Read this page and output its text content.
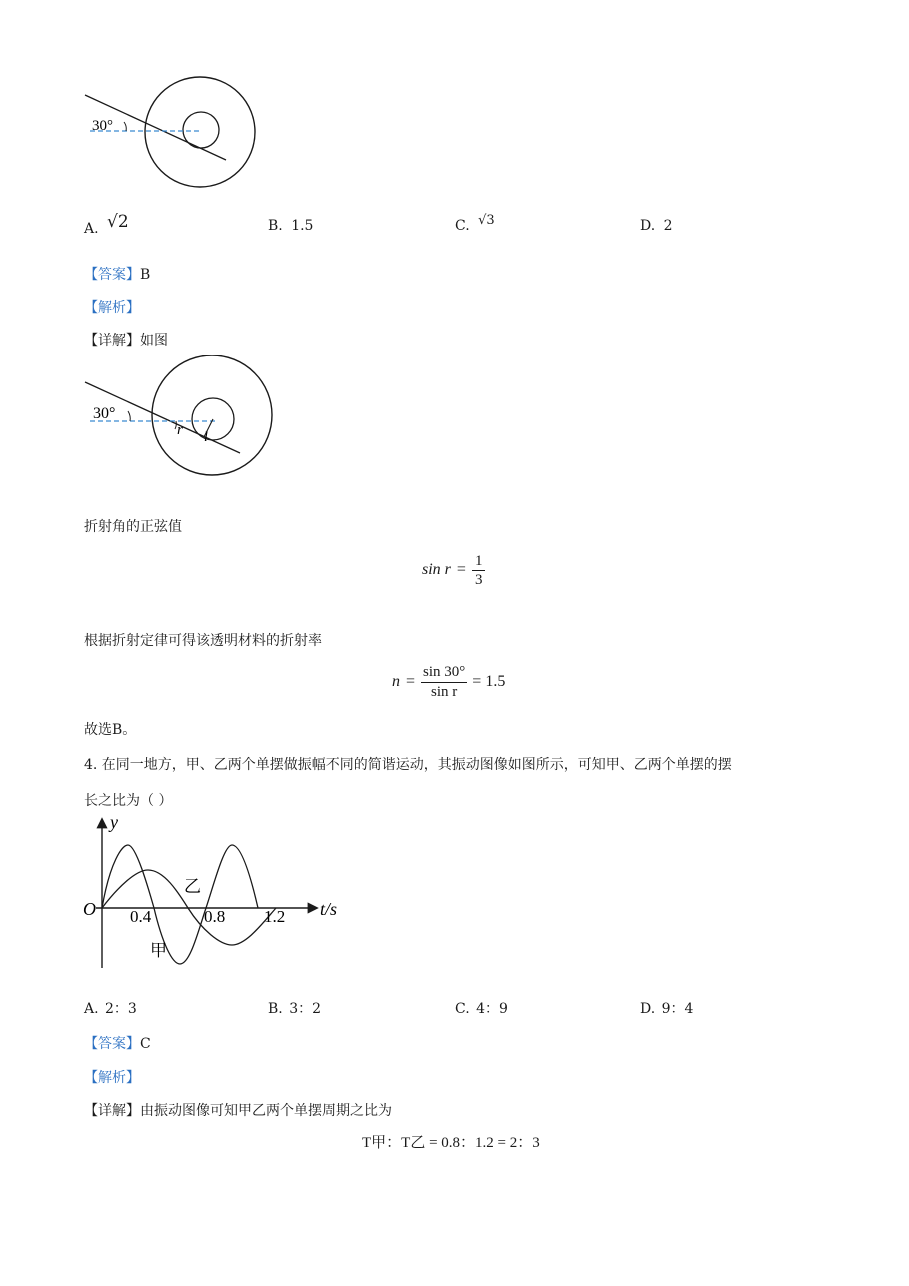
30°
A. √2	B. 1.5	C. √3	D. 2
【答案】B
【解析】
【详解】如图
30°
r l
折射角的正弦值
$\sin r = \frac{1}{3}$
根据折射定律可得该透明材料的折射率
$n = \frac{\sin 30^\circ}{\text{sin r}} = 1.5$
故选B。
4. 在同一地方，甲、乙两个单摆做振幅不同的简谐运动，其振动图像如图所示，可知甲、乙两个单摆的摆
长之比为（ ）
y
O	t/s
0.4	0.8 1.2
乙
甲
A. 2：3	B. 3：2	C. 4：9	D. 9：4
【答案】C
【解析】
【详解】由振动图像可知甲乙两个单摆周期之比为
T甲：T乙 = 0.8：1.2 = 2：3
